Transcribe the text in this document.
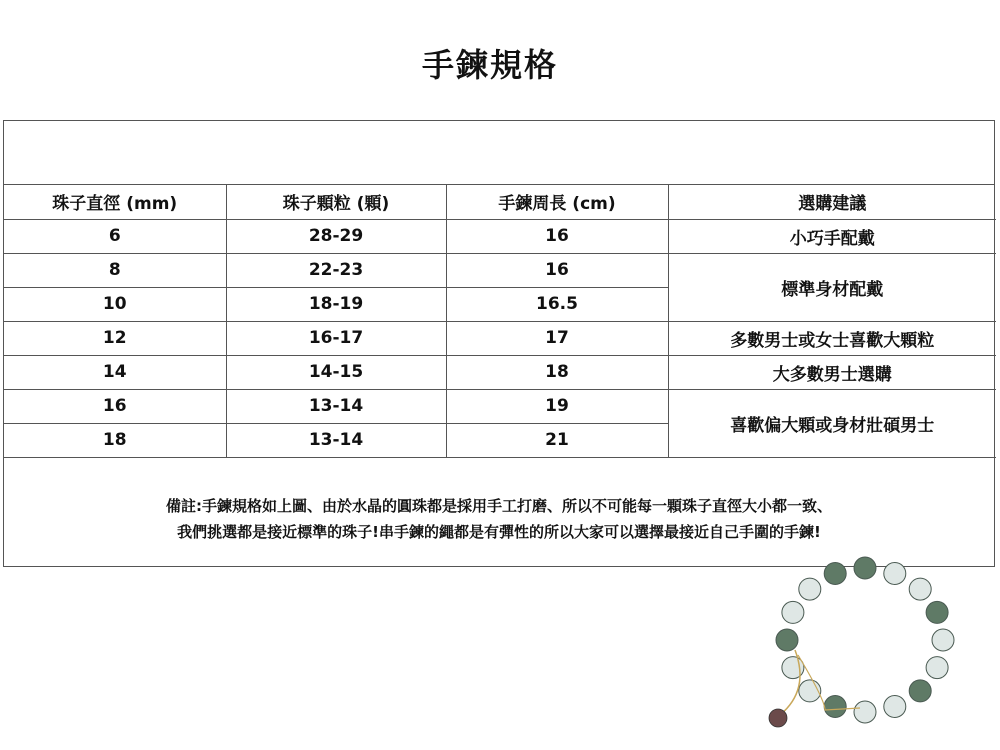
手鍊規格
珠子直徑 (mm)	珠子顆粒 (顆)	手鍊周長 (cm)	選購建議
6	28-29	16	小巧手配戴
8	22-23	16	標準身材配戴
10	18-19	16.5	
12	16-17	17	多數男士或女士喜歡大顆粒
14	14-15	18	大多數男士選購
16	13-14	19	喜歡偏大顆或身材壯碩男士
18	13-14	21	
備註:手鍊規格如上圖、由於水晶的圓珠都是採用手工打磨、所以不可能每一顆珠子直徑大小都一致、
我們挑選都是接近標準的珠子!串手鍊的繩都是有彈性的所以大家可以選擇最接近自己手圍的手鍊!
